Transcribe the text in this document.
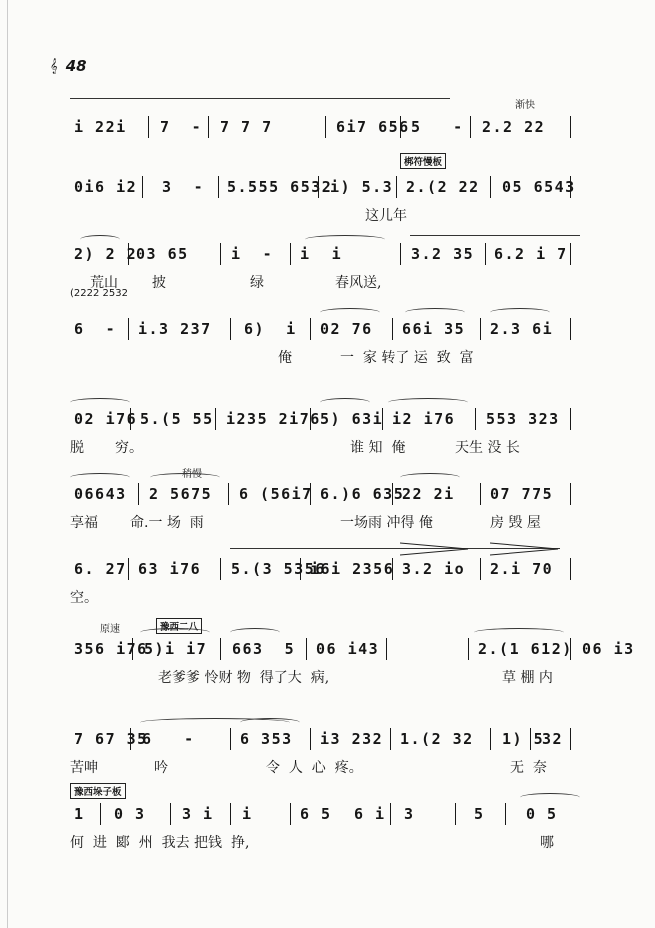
𝄞 48
渐快
i 22i 7  - 7 7 7	6i7 656 5   - 2.2 22
梆符慢板
0i6 i2 3  - 5.555 6532
i) 5.3 2.(2 22 05 6543
这儿年
2) 2 2
03 65	i  - i  i	3.2 35 6.2 i 7
荒山 披	绿	春风送,
(2222 2532
6  - i.3 237 6)  i 02 76 66i 35 2.3 6i
俺	一  家 转了 运  致  富
02 i76 5.(5 55 i235 2i76 5) 63i i2 i76 553 323
脱 穷。	谁 知  俺	天生 没 长
稍慢
06643 2 5675 6 (56i7 6.)6 635
22 2i 07 775
享福 命.一 场  雨	一场雨 冲得 俺	房 毁 屋
6. 27 63 i76 5.(3 5356
i6i 2356 3.2 io 2.i 70
空。
原速	豫西二八
356 i76
5)i i7 663  5 06 i43	2.(1 612) 06 i3
老爹爹 怜财 物  得了大  病,	草 棚 内
7 67 35
6   -	6 353 i3 232 1.(2 32 1) 5
32
苦呻	吟	令  人  心  疼。	无  奈
豫西垛子板
1 0 3 3 i i	6 5 6 i 3	5	0 5
何  进  郾  州  我去 把钱  挣,	哪
